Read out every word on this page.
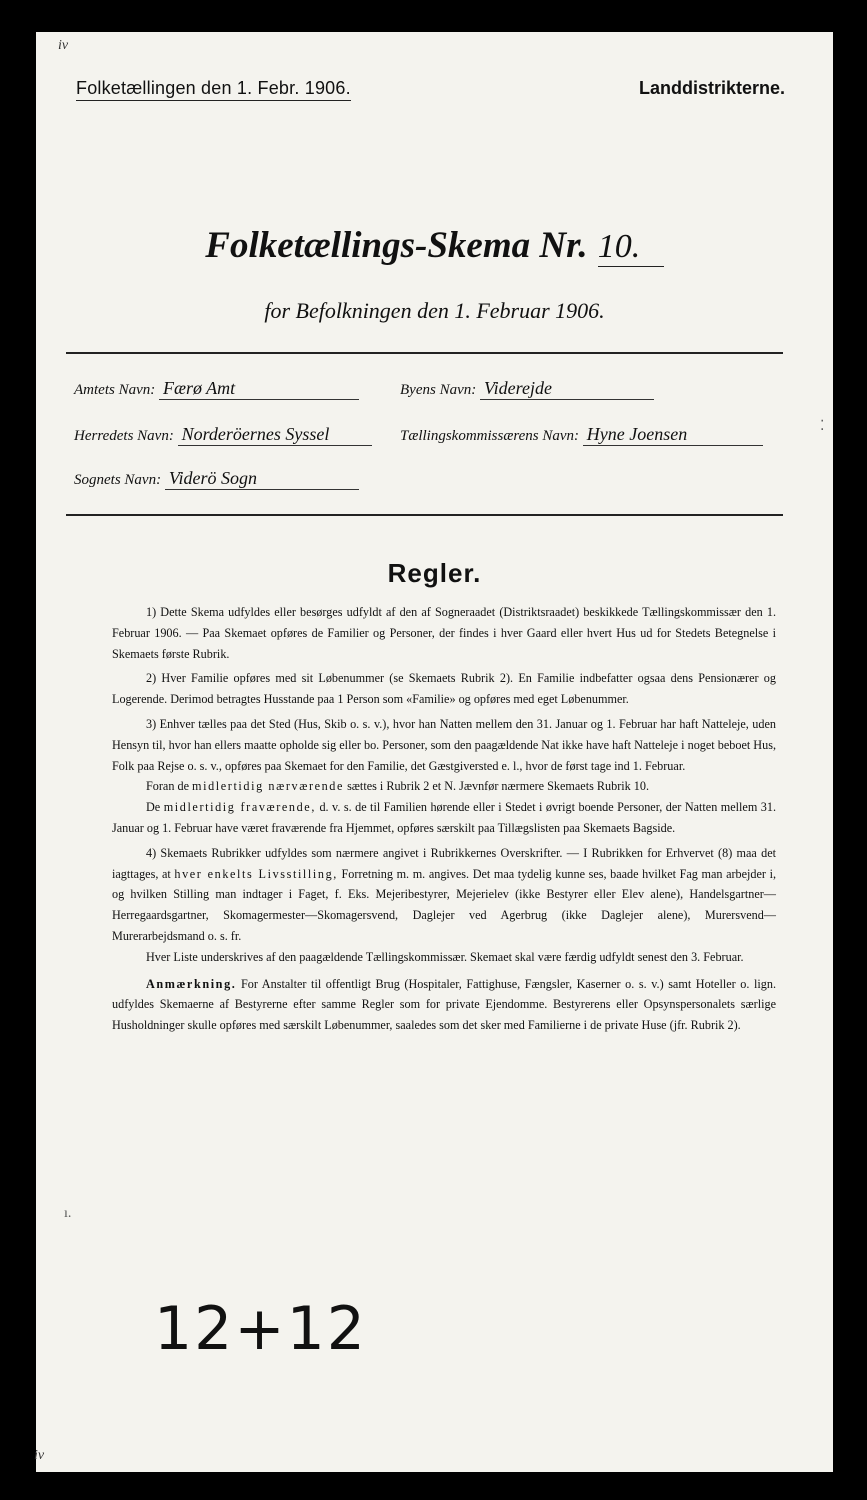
iv
iv
Folketællingen den 1. Febr. 1906.	Landdistrikterne.
Folketællings-Skema Nr. 10.
for Befolkningen den 1. Februar 1906.
Amtets Navn: Færø Amt	Byens Navn: Viderejde
Herredets Navn: Norderöernes Syssel	Tællingskommissærens Navn: Hyne Joensen
Sognets Navn: Viderö Sogn
Regler.

1) Dette Skema udfyldes eller besørges udfyldt af den af Sogneraadet (Distriktsraadet) beskikkede Tællingskommissær den 1. Februar 1906. — Paa Skemaet opføres de Familier og Personer, der findes i hver Gaard eller hvert Hus ud for Stedets Betegnelse i Skemaets første Rubrik.

2) Hver Familie opføres med sit Løbenummer (se Skemaets Rubrik 2). En Familie indbefatter ogsaa dens Pensionærer og Logerende. Derimod betragtes Husstande paa 1 Person som «Familie» og opføres med eget Løbenummer.

3) Enhver tælles paa det Sted (Hus, Skib o. s. v.), hvor han Natten mellem den 31. Januar og 1. Februar har haft Natteleje, uden Hensyn til, hvor han ellers maatte opholde sig eller bo. Personer, som den paagældende Nat ikke have haft Natteleje i noget beboet Hus, Folk paa Rejse o. s. v., opføres paa Skemaet for den Familie, det Gæstgiversted e. l., hvor de først tage ind 1. Februar.

Foran de midlertidig nærværende sættes i Rubrik 2 et N. Jævnfør nærmere Skemaets Rubrik 10.

De midlertidig fraværende, d. v. s. de til Familien hørende eller i Stedet i øvrigt boende Personer, der Natten mellem 31. Januar og 1. Februar have været fraværende fra Hjemmet, opføres særskilt paa Tillægslisten paa Skemaets Bagside.

4) Skemaets Rubrikker udfyldes som nærmere angivet i Rubrikkernes Overskrifter. — I Rubrikken for Erhvervet (8) maa det iagttages, at hver enkelts Livsstilling, Forretning m. m. angives. Det maa tydelig kunne ses, baade hvilket Fag man arbejder i, og hvilken Stilling man indtager i Faget, f. Eks. Mejeribestyrer, Mejerielev (ikke Bestyrer eller Elev alene), Handelsgartner—Herregaardsgartner, Skomagermester—Skomagersvend, Daglejer ved Agerbrug (ikke Daglejer alene), Murersvend—Murerarbejdsmand o. s. fr.

Hver Liste underskrives af den paagældende Tællingskommissær. Skemaet skal være færdig udfyldt senest den 3. Februar.

Anmærkning. For Anstalter til offentligt Brug (Hospitaler, Fattighuse, Fængsler, Kaserner o. s. v.) samt Hoteller o. lign. udfyldes Skemaerne af Bestyrerne efter samme Regler som for private Ejendomme. Bestyrerens eller Opsynspersonalets særlige Husholdninger skulle opføres med særskilt Løbenummer, saaledes som det sker med Familierne i de private Huse (jfr. Rubrik 2).

12+12
⁚
ı.
